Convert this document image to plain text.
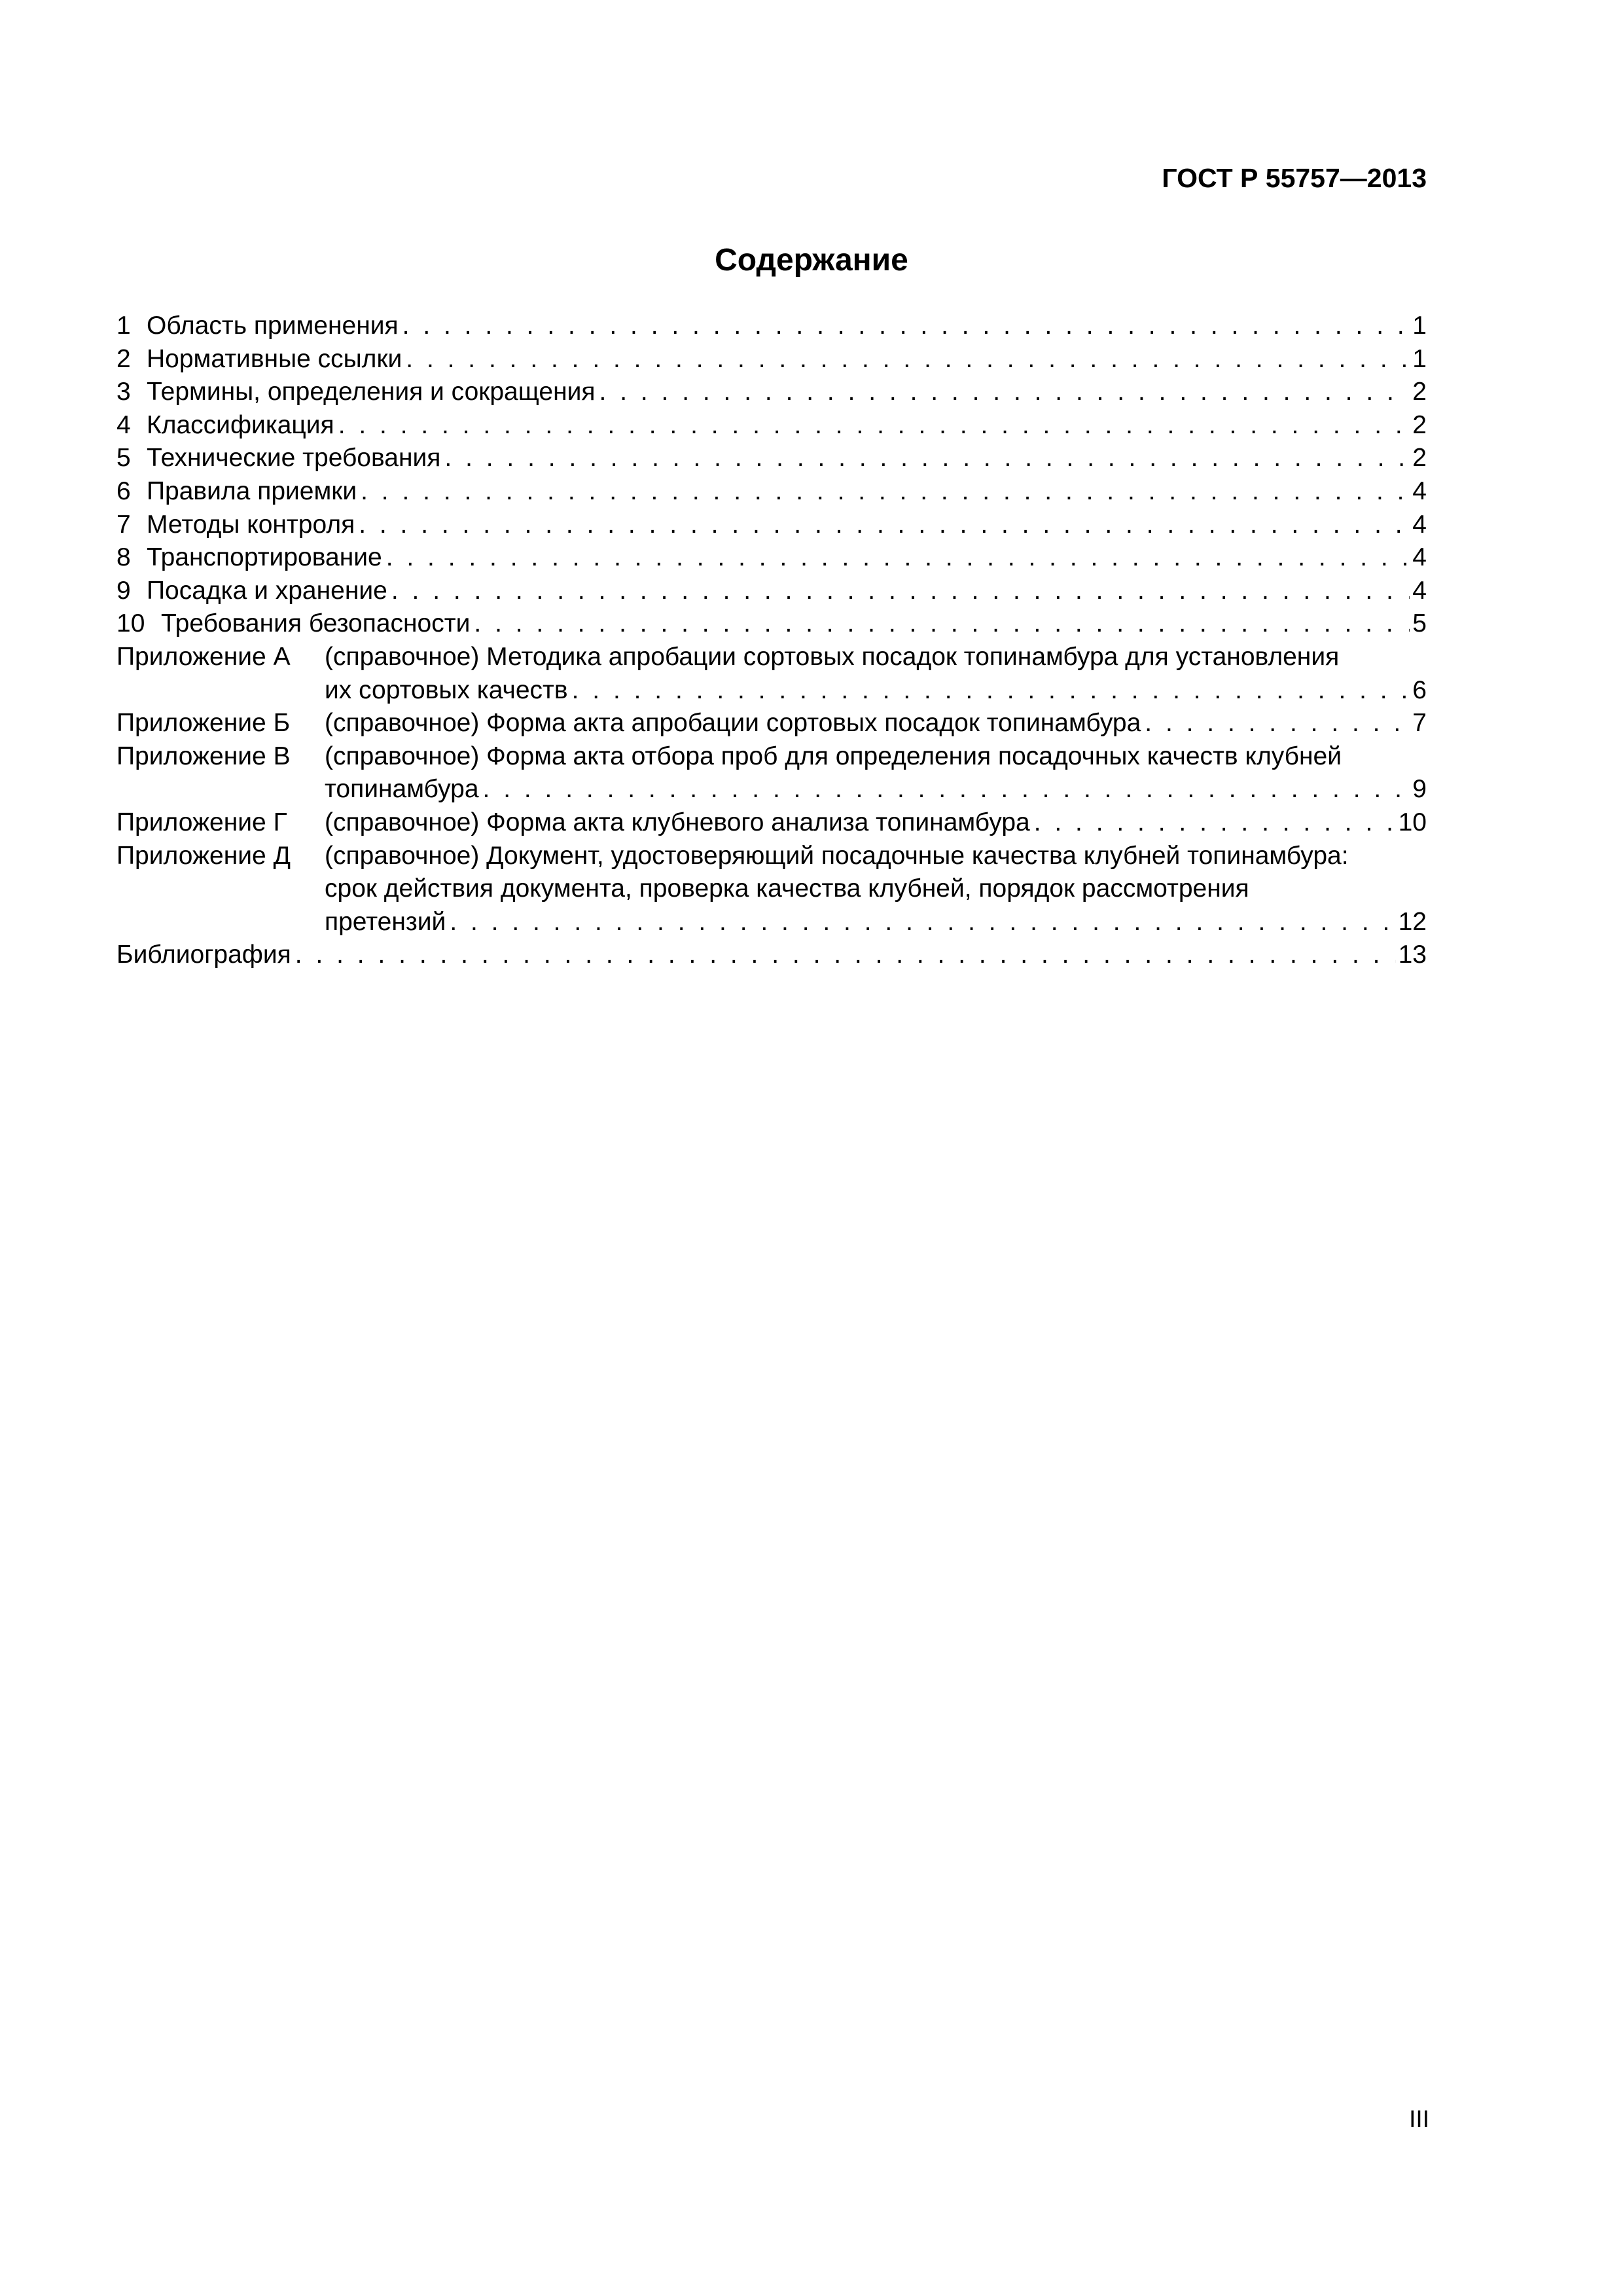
ГОСТ Р 55757—2013
Содержание
1 Область применения . . .	1
2 Нормативные ссылки . . .	1
3 Термины, определения и сокращения . . .	2
4 Классификация . . .	2
5 Технические требования . . .	2
6 Правила приемки . . .	4
7 Методы контроля . . .	4
8 Транспортирование . . .	4
9 Посадка и хранение . . .	4
10 Требования безопасности . . .	5
Приложение А (справочное) Методика апробации сортовых посадок топинамбура для установления
их сортовых качеств . . .	6
Приложение Б (справочное) Форма акта апробации сортовых посадок топинамбура . . .	7
Приложение В (справочное) Форма акта отбора проб для определения посадочных качеств клубней
топинамбура . . .	9
Приложение Г (справочное) Форма акта клубневого анализа топинамбура . . .	10
Приложение Д (справочное) Документ, удостоверяющий посадочные качества клубней топинамбура:
срок действия документа, проверка качества клубней, порядок рассмотрения
претензий . . .	12
Библиография . . .	13
III
